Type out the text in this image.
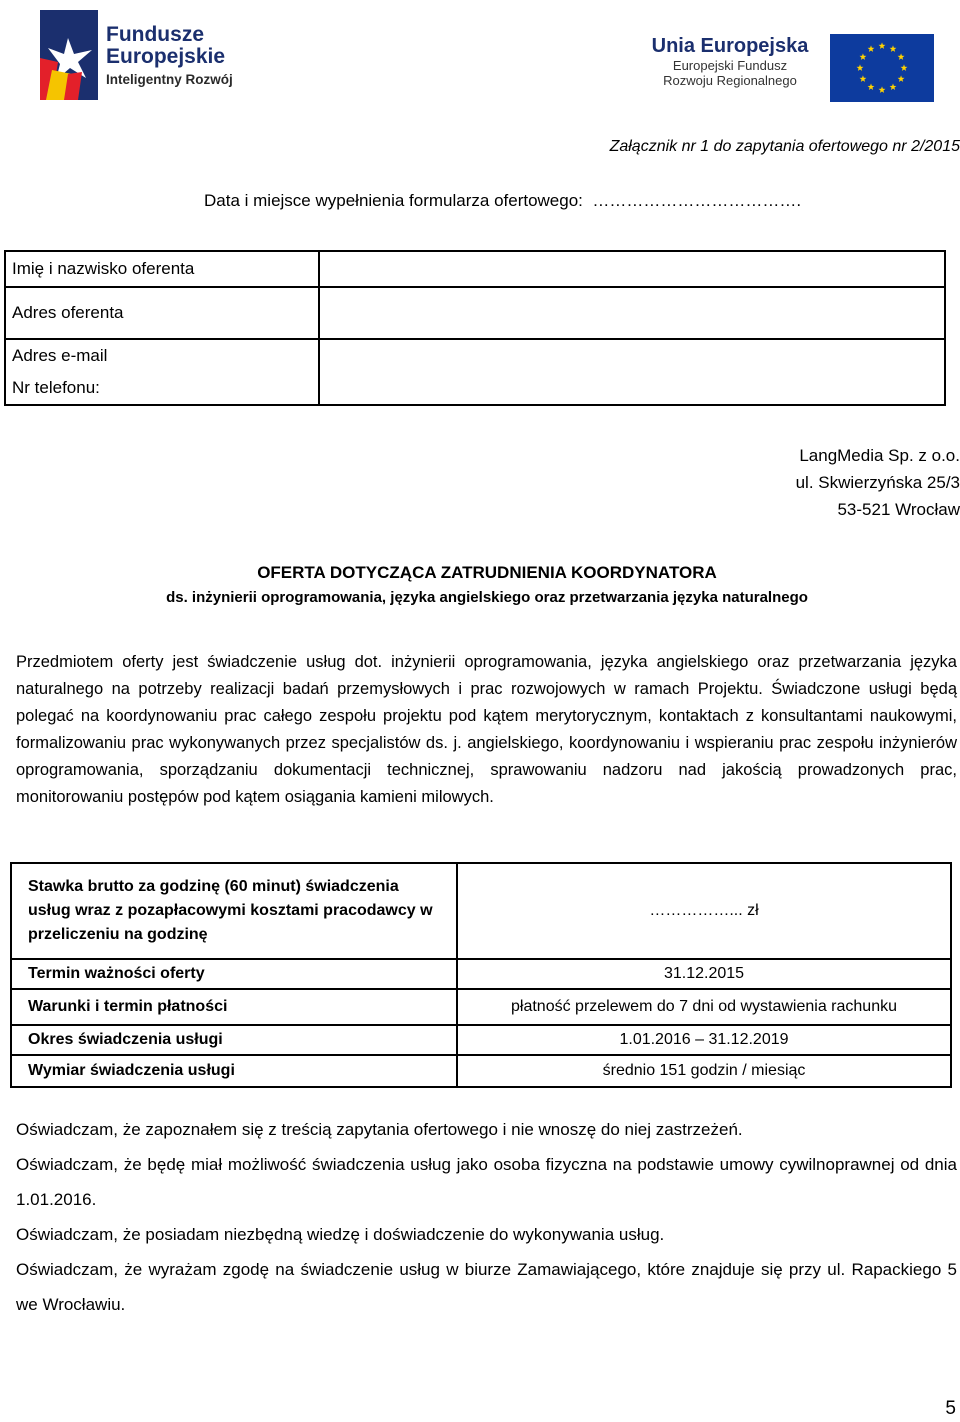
Fundusze
Europejskie
Inteligentny Rozwój
Unia Europejska
Europejski Fundusz
Rozwoju Regionalnego
Załącznik nr 1 do zapytania ofertowego nr 2/2015
Data i miejsce wypełnienia formularza ofertowego:  ……………………………….
Imię i nazwisko oferenta	
Adres oferenta	

Adres e-mail
Nr telefonu:	

LangMedia Sp. z o.o.
ul. Skwierzyńska 25/3
53-521 Wrocław
OFERTA DOTYCZĄCA ZATRUDNIENIA KOORDYNATORA
ds. inżynierii oprogramowania, języka angielskiego oraz przetwarzania języka naturalnego
Przedmiotem oferty jest świadczenie usług dot. inżynierii oprogramowania, języka angielskiego oraz przetwarzania języka naturalnego na potrzeby realizacji badań przemysłowych i prac rozwojowych w ramach Projektu. Świadczone usługi będą polegać na koordynowaniu prac całego zespołu projektu pod kątem merytorycznym, kontaktach z konsultantami naukowymi, formalizowaniu prac wykonywanych przez specjalistów ds. j. angielskiego, koordynowaniu i wspieraniu prac zespołu inżynierów oprogramowania, sporządzaniu dokumentacji technicznej, sprawowaniu nadzoru nad jakością prowadzonych prac, monitorowaniu postępów pod kątem osiągania kamieni milowych.
Stawka brutto za godzinę (60 minut) świadczenia usług wraz z pozapłacowymi kosztami pracodawcy w przeliczeniu na godzinę	……………... zł
Termin ważności oferty	31.12.2015
Warunki i termin płatności	płatność przelewem do 7 dni od wystawienia rachunku
Okres świadczenia usługi	1.01.2016 – 31.12.2019
Wymiar świadczenia usługi	średnio 151 godzin / miesiąc
Oświadczam, że zapoznałem się z treścią zapytania ofertowego i nie wnoszę do niej zastrzeżeń.
Oświadczam, że będę miał możliwość świadczenia usług jako osoba fizyczna na podstawie umowy cywilnoprawnej od dnia 1.01.2016.
Oświadczam, że posiadam niezbędną wiedzę i doświadczenie do wykonywania usług.
Oświadczam, że wyrażam zgodę na świadczenie usług w biurze Zamawiającego, które znajduje się przy ul. Rapackiego 5 we Wrocławiu.
5
